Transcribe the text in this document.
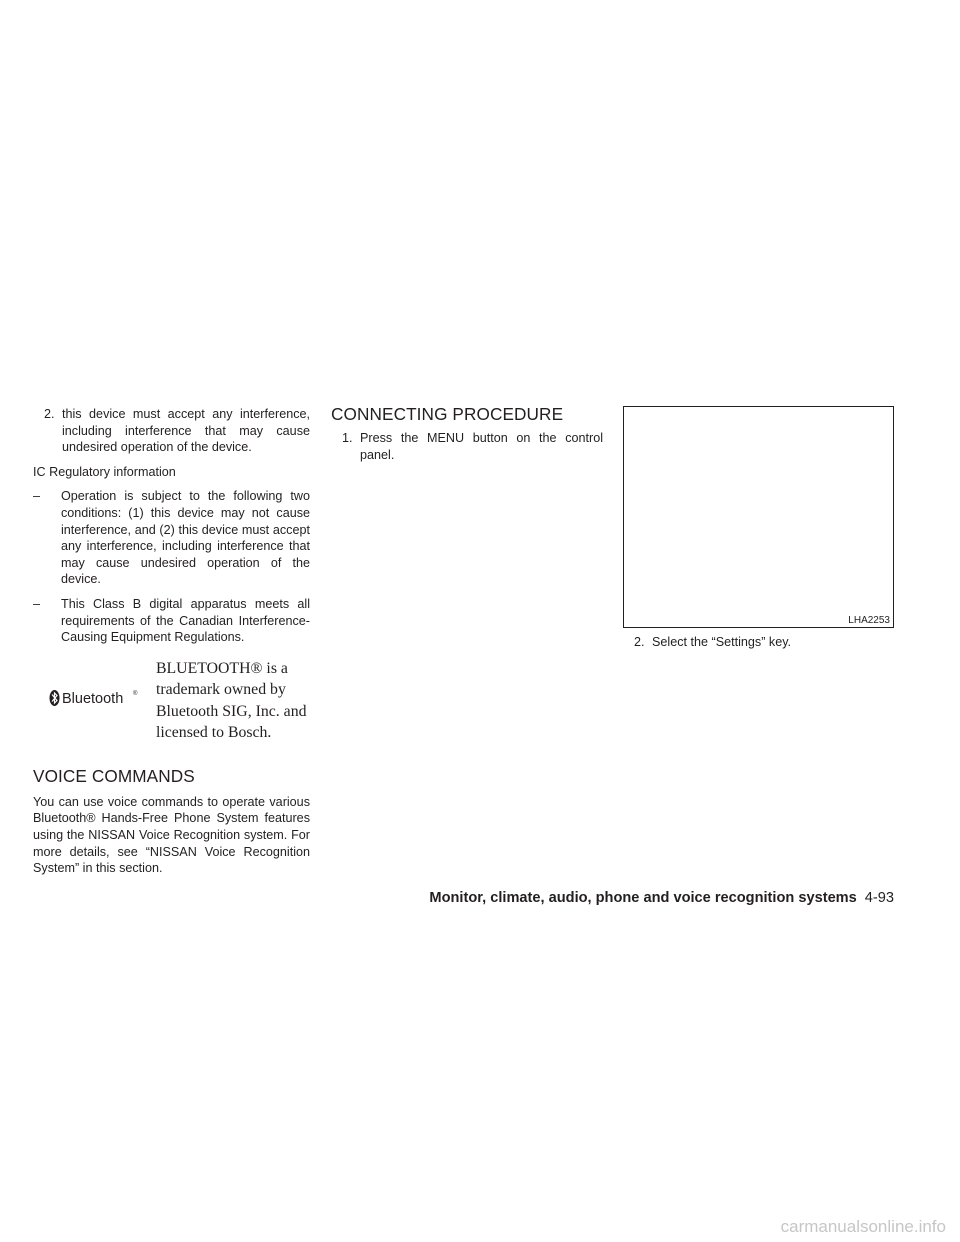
2. this device must accept any interference, including interference that may cause undesired operation of the device.
IC Regulatory information
– Operation is subject to the following two conditions: (1) this device may not cause interference, and (2) this device must accept any interference, including interference that may cause undesired operation of the device.
– This Class B digital apparatus meets all requirements of the Canadian Interference-Causing Equipment Regulations.
Bluetooth ®
BLUETOOTH® is a trademark owned by Bluetooth SIG, Inc. and licensed to Bosch.
VOICE COMMANDS
You can use voice commands to operate various Bluetooth® Hands-Free Phone System features using the NISSAN Voice Recognition system. For more details, see “NISSAN Voice Recognition System” in this section.
CONNECTING PROCEDURE
1. Press the MENU button on the control panel.
LHA2253
2. Select the “Settings” key.
Monitor, climate, audio, phone and voice recognition systems 4-93
carmanualsonline.info
